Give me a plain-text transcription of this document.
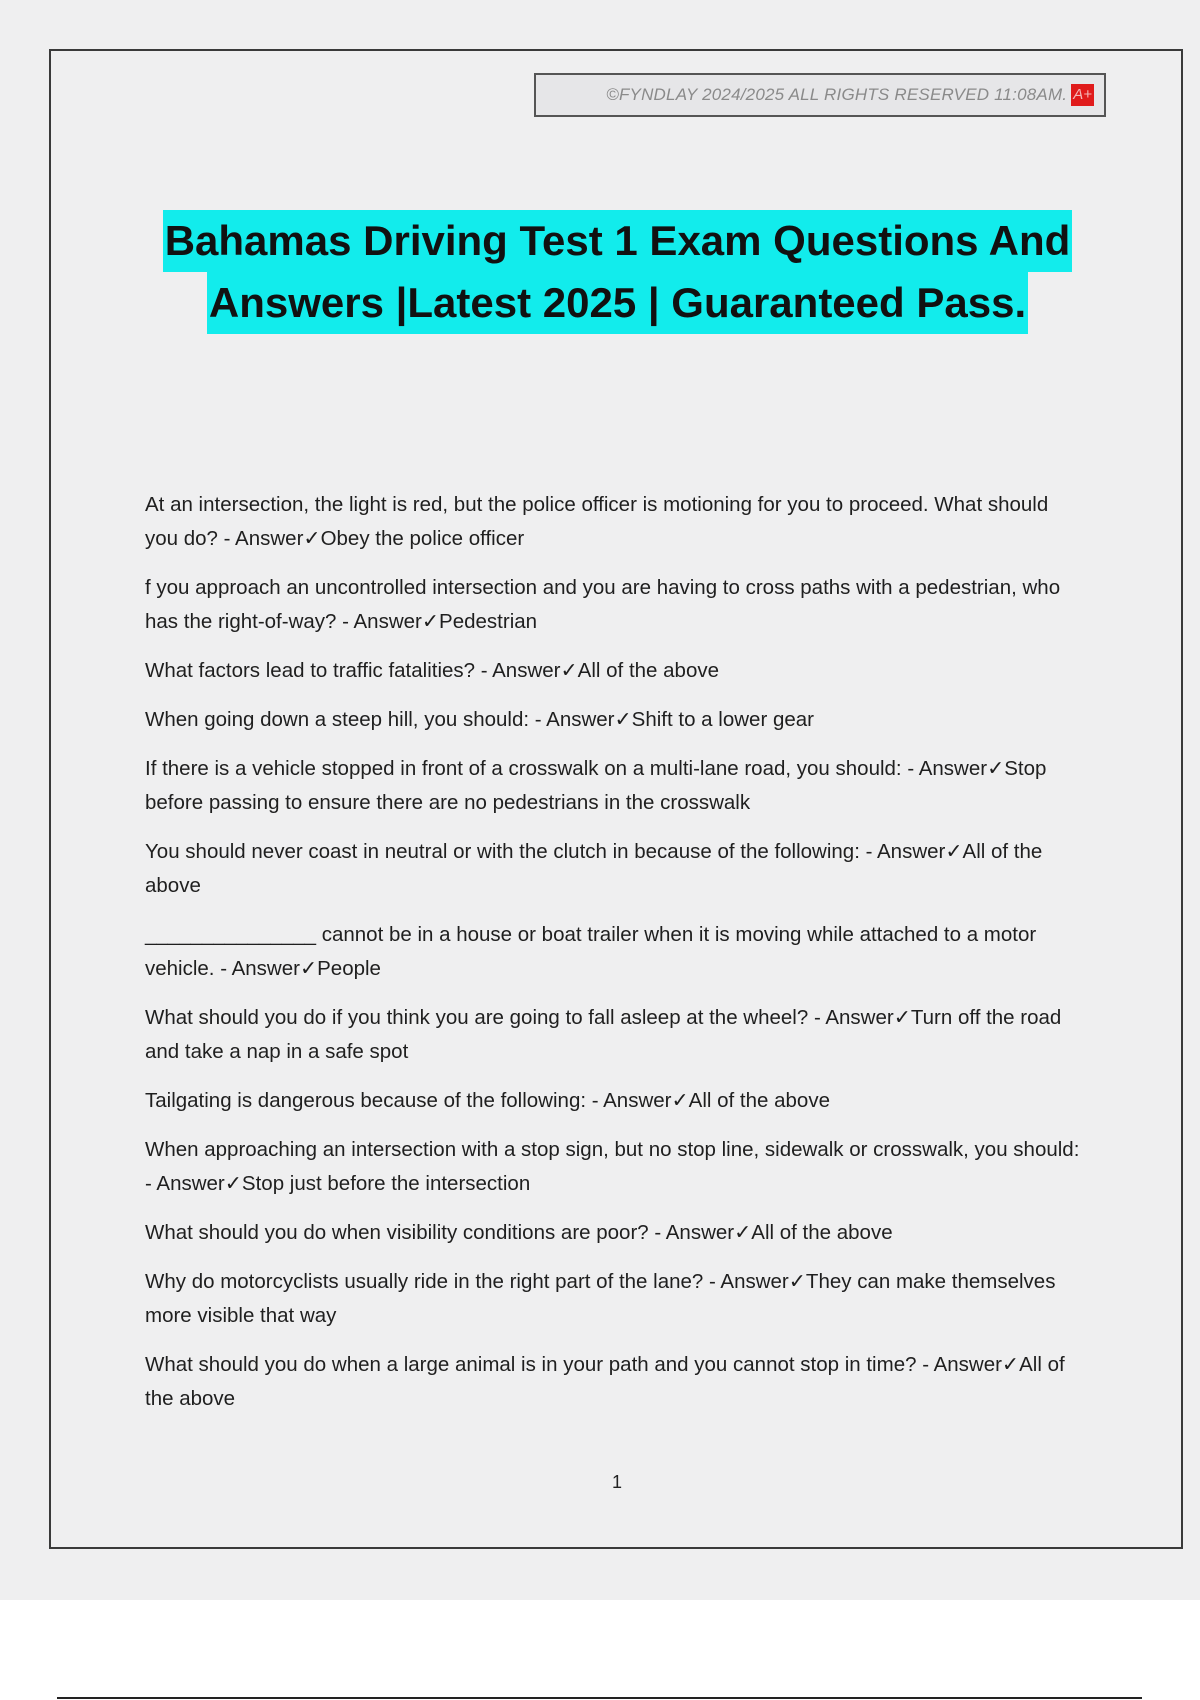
©FYNDLAY 2024/2025 ALL RIGHTS RESERVED 11:08AM. A+
Bahamas Driving Test 1 Exam Questions And
Answers |Latest 2025 | Guaranteed Pass.
At an intersection, the light is red, but the police officer is motioning for you to proceed. What should you do? - Answer✓Obey the police officer
f you approach an uncontrolled intersection and you are having to cross paths with a pedestrian, who has the right-of-way? - Answer✓Pedestrian
What factors lead to traffic fatalities? - Answer✓All of the above
When going down a steep hill, you should: - Answer✓Shift to a lower gear
If there is a vehicle stopped in front of a crosswalk on a multi-lane road, you should: - Answer✓Stop before passing to ensure there are no pedestrians in the crosswalk
You should never coast in neutral or with the clutch in because of the following: - Answer✓All of the above
_______________ cannot be in a house or boat trailer when it is moving while attached to a motor vehicle. - Answer✓People
What should you do if you think you are going to fall asleep at the wheel? - Answer✓Turn off the road and take a nap in a safe spot
Tailgating is dangerous because of the following: - Answer✓All of the above
When approaching an intersection with a stop sign, but no stop line, sidewalk or crosswalk, you should: - Answer✓Stop just before the intersection
What should you do when visibility conditions are poor? - Answer✓All of the above
Why do motorcyclists usually ride in the right part of the lane? - Answer✓They can make themselves more visible that way
What should you do when a large animal is in your path and you cannot stop in time? - Answer✓All of the above
1
